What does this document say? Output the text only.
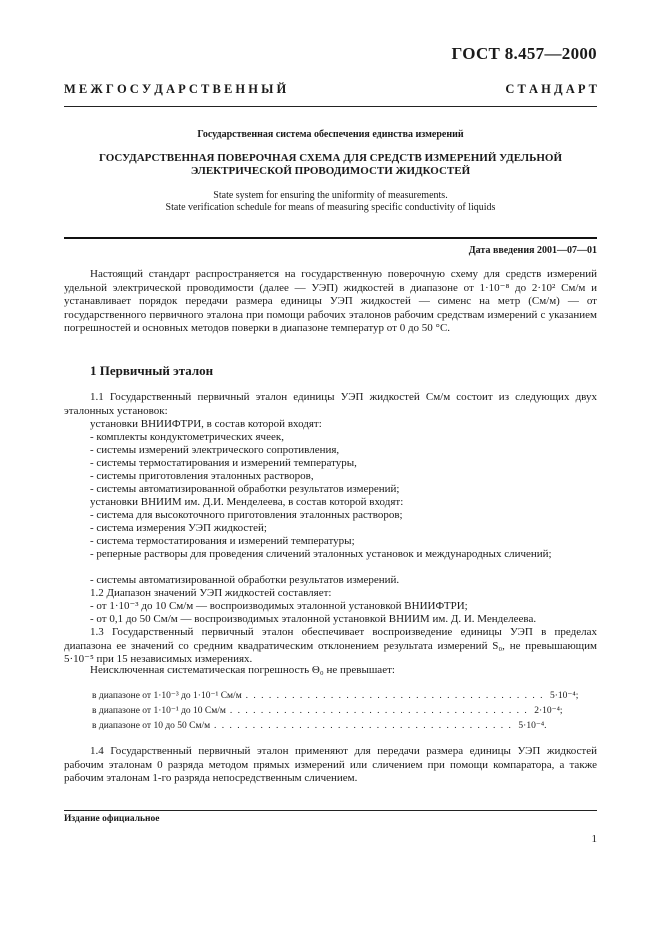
ГОСТ 8.457—2000
М Е Ж Г О С У Д А Р С Т В Е Н Н Ы Й	С Т А Н Д А Р Т
Государственная система обеспечения единства измерений
ГОСУДАРСТВЕННАЯ ПОВЕРОЧНАЯ СХЕМА ДЛЯ СРЕДСТВ ИЗМЕРЕНИЙ УДЕЛЬНОЙ
ЭЛЕКТРИЧЕСКОЙ ПРОВОДИМОСТИ ЖИДКОСТЕЙ
State system for ensuring the uniformity of measurements.
State verification schedule for means of measuring specific conductivity of liquids
Дата введения 2001—07—01
Настоящий стандарт распространяется на государственную поверочную схему для средств измерений удельной электрической проводимости (далее — УЭП) жидкостей в диапазоне от 1·10⁻⁸ до 2·10² См/м и устанавливает порядок передачи размера единицы УЭП жидкостей — сименс на метр (См/м) — от государственного первичного эталона при помощи рабочих эталонов рабочим средствам измерений с указанием погрешностей и основных методов поверки в диапазоне температур от 0 до 50 °С.
1 Первичный эталон
1.1 Государственный первичный эталон единицы УЭП жидкостей См/м состоит из следующих двух эталонных установок:
установки ВНИИФТРИ, в состав которой входят:
- комплекты кондуктометрических ячеек,
- системы измерений электрического сопротивления,
- системы термостатирования и измерений температуры,
- системы приготовления эталонных растворов,
- системы автоматизированной обработки результатов измерений;
установки ВНИИМ им. Д.И. Менделеева, в состав которой входят:
- система для высокоточного приготовления эталонных растворов;
- система измерения УЭП жидкостей;
- система термостатирования и измерений температуры;
- реперные растворы для проведения сличений эталонных установок и международных сличений;
- системы автоматизированной обработки результатов измерений.
1.2 Диапазон значений УЭП жидкостей составляет:
- от 1·10⁻³ до 10 См/м — воспроизводимых эталонной установкой ВНИИФТРИ;
- от 0,1 до 50 См/м — воспроизводимых эталонной установкой ВНИИМ им. Д. И. Менделеева.
1.3 Государственный первичный эталон обеспечивает воспроизведение единицы УЭП в пределах диапазона ее значений со средним квадратическим отклонением результата измерений S₀, не превышающим 5·10⁻⁵ при 15 независимых измерениях.
Неисключенная систематическая погрешность Θ₀ не превышает:
в диапазоне от 1·10⁻³ до 1·10⁻¹ См/м . . . . . . . . . . . . . . . . . . . . . . . . . . . . . . . . . . . . . . . 5·10⁻⁴;
в диапазоне от 1·10⁻¹ до 10 См/м . . . . . . . . . . . . . . . . . . . . . . . . . . . . . . . . . . . . . . . 2·10⁻⁴;
в диапазоне от 10 до 50 См/м . . . . . . . . . . . . . . . . . . . . . . . . . . . . . . . . . . . . . . . 5·10⁻⁴.
1.4 Государственный первичный эталон применяют для передачи размера единицы УЭП жидкостей рабочим эталонам 0 разряда методом прямых измерений или сличением при помощи компаратора, а также рабочим эталонам 1-го разряда непосредственным сличением.
Издание официальное
1
